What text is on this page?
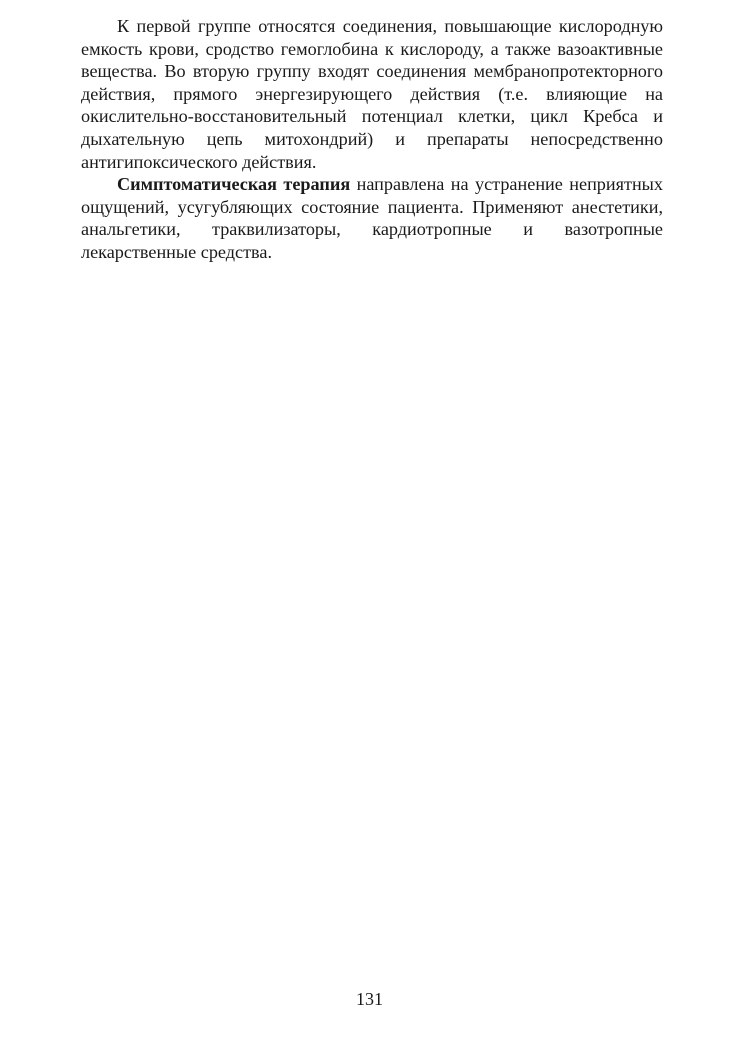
К первой группе относятся соединения, повышающие кислородную емкость крови, сродство гемоглобина к кислороду, а также вазоактивные вещества. Во вторую группу входят соединения мембранопротекторного действия, прямого энергезирующего действия (т.е. влияющие на окислительно-восстановительный потенциал клетки, цикл Кребса и дыхательную цепь митохондрий) и препараты непосредственно антигипоксического действия.

Симптоматическая терапия направлена на устранение неприятных ощущений, усугубляющих состояние пациента. Применяют анестетики, анальгетики, траквилизаторы, кардиотропные и вазотропные лекарственные средства.

131
